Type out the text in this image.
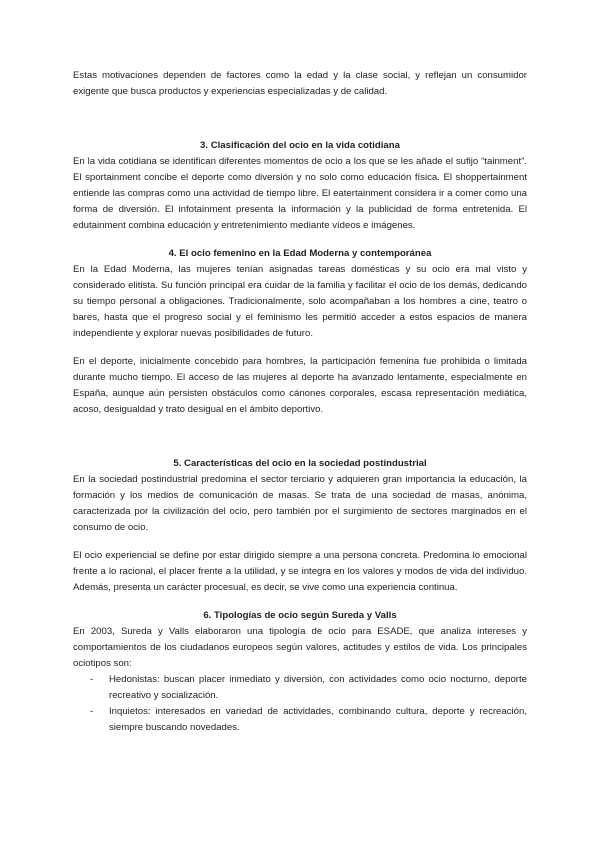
Estas motivaciones dependen de factores como la edad y la clase social, y reflejan un consumidor exigente que busca productos y experiencias especializadas y de calidad.

3. Clasificación del ocio en la vida cotidiana

En la vida cotidiana se identifican diferentes momentos de ocio a los que se les añade el sufijo “tainment”. El sportainment concibe el deporte como diversión y no solo como educación física. El shoppertainment entiende las compras como una actividad de tiempo libre. El eatertainment considera ir a comer como una forma de diversión. El infotainment presenta la información y la publicidad de forma entretenida. El edutainment combina educación y entretenimiento mediante vídeos e imágenes.

4. El ocio femenino en la Edad Moderna y contemporánea

En la Edad Moderna, las mujeres tenían asignadas tareas domésticas y su ocio era mal visto y considerado elitista. Su función principal era cuidar de la familia y facilitar el ocio de los demás, dedicando su tiempo personal a obligaciones. Tradicionalmente, solo acompañaban a los hombres a cine, teatro o bares, hasta que el progreso social y el feminismo les permitió acceder a estos espacios de manera independiente y explorar nuevas posibilidades de futuro.

En el deporte, inicialmente concebido para hombres, la participación femenina fue prohibida o limitada durante mucho tiempo. El acceso de las mujeres al deporte ha avanzado lentamente, especialmente en España, aunque aún persisten obstáculos como cánones corporales, escasa representación mediática, acoso, desigualdad y trato desigual en el ámbito deportivo.

5. Características del ocio en la sociedad postindustrial

En la sociedad postindustrial predomina el sector terciario y adquieren gran importancia la educación, la formación y los medios de comunicación de masas. Se trata de una sociedad de masas, anónima, caracterizada por la civilización del ocio, pero también por el surgimiento de sectores marginados en el consumo de ocio.

El ocio experiencial se define por estar dirigido siempre a una persona concreta. Predomina lo emocional frente a lo racional, el placer frente a la utilidad, y se integra en los valores y modos de vida del individuo. Además, presenta un carácter procesual, es decir, se vive como una experiencia continua.

6. Tipologías de ocio según Sureda y Valls

En 2003, Sureda y Valls elaboraron una tipología de ocio para ESADE, que analiza intereses y comportamientos de los ciudadanos europeos según valores, actitudes y estilos de vida. Los principales ociotipos son:

- Hedonistas: buscan placer inmediato y diversión, con actividades como ocio nocturno, deporte recreativo y socialización.
- Inquietos: interesados en variedad de actividades, combinando cultura, deporte y recreación, siempre buscando novedades.
